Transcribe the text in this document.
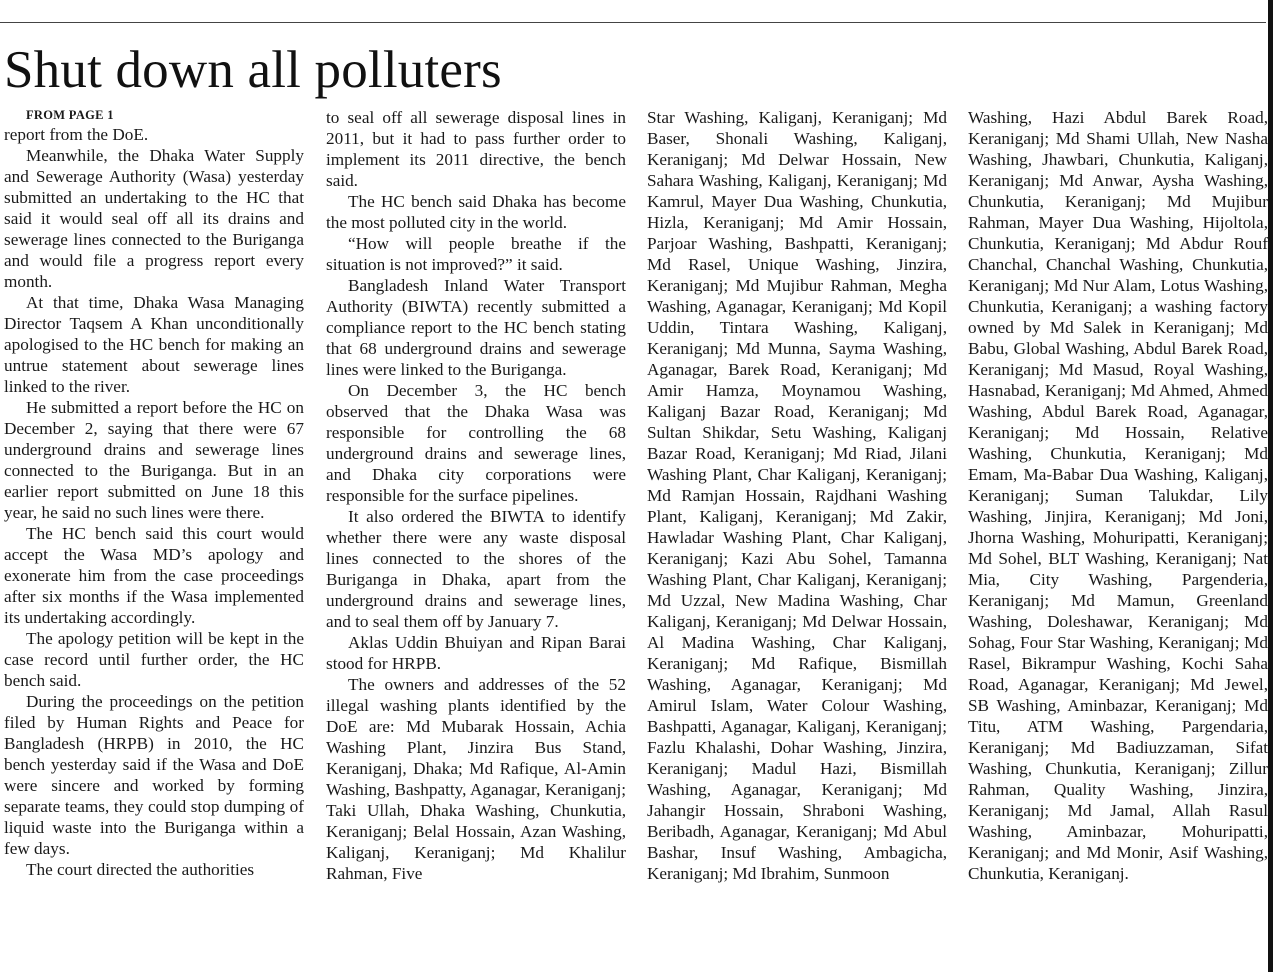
Shut down all polluters

FROM PAGE 1

report from the DoE.

Meanwhile, the Dhaka Water Supply and Sewerage Authority (Wasa) yesterday submitted an undertaking to the HC that said it would seal off all its drains and sewerage lines connected to the Buriganga and would file a progress report every month.

At that time, Dhaka Wasa Managing Director Taqsem A Khan unconditionally apologised to the HC bench for making an untrue statement about sewerage lines linked to the river.

He submitted a report before the HC on December 2, saying that there were 67 underground drains and sewerage lines connected to the Buriganga. But in an earlier report submitted on June 18 this year, he said no such lines were there.

The HC bench said this court would accept the Wasa MD’s apology and exonerate him from the case proceedings after six months if the Wasa implemented its undertaking accordingly.

The apology petition will be kept in the case record until further order, the HC bench said.

During the proceedings on the petition filed by Human Rights and Peace for Bangladesh (HRPB) in 2010, the HC bench yesterday said if the Wasa and DoE were sincere and worked by forming separate teams, they could stop dumping of liquid waste into the Buriganga within a few days.

The court directed the authorities

to seal off all sewerage disposal lines in 2011, but it had to pass further order to implement its 2011 directive, the bench said.

The HC bench said Dhaka has become the most polluted city in the world.

“How will people breathe if the situation is not improved?” it said.

Bangladesh Inland Water Transport Authority (BIWTA) recently submitted a compliance report to the HC bench stating that 68 underground drains and sewerage lines were linked to the Buriganga.

On December 3, the HC bench observed that the Dhaka Wasa was responsible for controlling the 68 underground drains and sewerage lines, and Dhaka city corporations were responsible for the surface pipelines.

It also ordered the BIWTA to identify whether there were any waste disposal lines connected to the shores of the Buriganga in Dhaka, apart from the underground drains and sewerage lines, and to seal them off by January 7.

Aklas Uddin Bhuiyan and Ripan Barai stood for HRPB.

The owners and addresses of the 52 illegal washing plants identified by the DoE are: Md Mubarak Hossain, Achia Washing Plant, Jinzira Bus Stand, Keraniganj, Dhaka; Md Rafique, Al-Amin Washing, Bashpatty, Aganagar, Keraniganj; Taki Ullah, Dhaka Washing, Chunkutia, Keraniganj; Belal Hossain, Azan Washing, Kaliganj, Keraniganj; Md Khalilur Rahman, Five

Star Washing, Kaliganj, Keraniganj; Md Baser, Shonali Washing, Kaliganj, Keraniganj; Md Delwar Hossain, New Sahara Washing, Kaliganj, Keraniganj; Md Kamrul, Mayer Dua Washing, Chunkutia, Hizla, Keraniganj; Md Amir Hossain, Parjoar Washing, Bashpatti, Keraniganj; Md Rasel, Unique Washing, Jinzira, Keraniganj; Md Mujibur Rahman, Megha Washing, Aganagar, Keraniganj; Md Kopil Uddin, Tintara Washing, Kaliganj, Keraniganj; Md Munna, Sayma Washing, Aganagar, Barek Road, Keraniganj; Md Amir Hamza, Moynamou Washing, Kaliganj Bazar Road, Keraniganj; Md Sultan Shikdar, Setu Washing, Kaliganj Bazar Road, Keraniganj; Md Riad, Jilani Washing Plant, Char Kaliganj, Keraniganj; Md Ramjan Hossain, Rajdhani Washing Plant, Kaliganj, Keraniganj; Md Zakir, Hawladar Washing Plant, Char Kaliganj, Keraniganj; Kazi Abu Sohel, Tamanna Washing Plant, Char Kaliganj, Keraniganj; Md Uzzal, New Madina Washing, Char Kaliganj, Keraniganj; Md Delwar Hossain, Al Madina Washing, Char Kaliganj, Keraniganj; Md Rafique, Bismillah Washing, Aganagar, Keraniganj; Md Amirul Islam, Water Colour Washing, Bashpatti, Aganagar, Kaliganj, Keraniganj; Fazlu Khalashi, Dohar Washing, Jinzira, Keraniganj; Madul Hazi, Bismillah Washing, Aganagar, Keraniganj; Md Jahangir Hossain, Shraboni Washing, Beribadh, Aganagar, Keraniganj; Md Abul Bashar, Insuf Washing, Ambagicha, Keraniganj; Md Ibrahim, Sunmoon

Washing, Hazi Abdul Barek Road, Keraniganj; Md Shami Ullah, New Nasha Washing, Jhawbari, Chunkutia, Kaliganj, Keraniganj; Md Anwar, Aysha Washing, Chunkutia, Keraniganj; Md Mujibur Rahman, Mayer Dua Washing, Hijoltola, Chunkutia, Keraniganj; Md Abdur Rouf Chanchal, Chanchal Washing, Chunkutia, Keraniganj; Md Nur Alam, Lotus Washing, Chunkutia, Keraniganj; a washing factory owned by Md Salek in Keraniganj; Md Babu, Global Washing, Abdul Barek Road, Keraniganj; Md Masud, Royal Washing, Hasnabad, Keraniganj; Md Ahmed, Ahmed Washing, Abdul Barek Road, Aganagar, Keraniganj; Md Hossain, Relative Washing, Chunkutia, Keraniganj; Md Emam, Ma-Babar Dua Washing, Kaliganj, Keraniganj; Suman Talukdar, Lily Washing, Jinjira, Keraniganj; Md Joni, Jhorna Washing, Mohuripatti, Keraniganj; Md Sohel, BLT Washing, Keraniganj; Nat Mia, City Washing, Pargenderia, Keraniganj; Md Mamun, Greenland Washing, Doleshawar, Keraniganj; Md Sohag, Four Star Washing, Keraniganj; Md Rasel, Bikrampur Washing, Kochi Saha Road, Aganagar, Keraniganj; Md Jewel, SB Washing, Aminbazar, Keraniganj; Md Titu, ATM Washing, Pargendaria, Keraniganj; Md Badiuzzaman, Sifat Washing, Chunkutia, Keraniganj; Zillur Rahman, Quality Washing, Jinzira, Keraniganj; Md Jamal, Allah Rasul Washing, Aminbazar, Mohuripatti, Keraniganj; and Md Monir, Asif Washing, Chunkutia, Keraniganj.
